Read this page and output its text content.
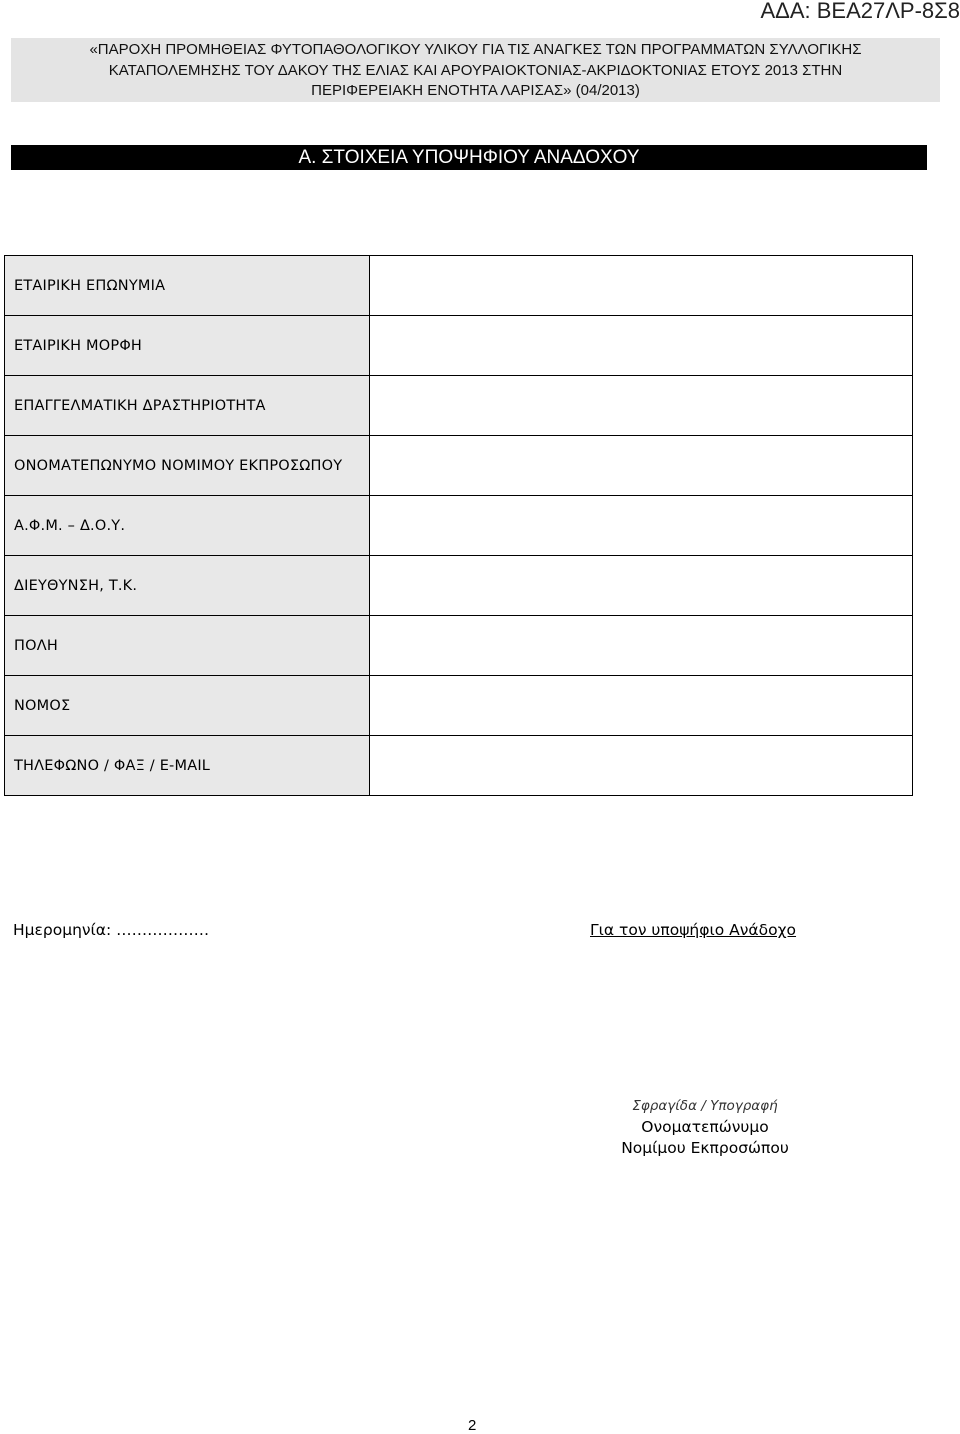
ΑΔΑ: ΒΕΑ27ΛΡ-8Σ8
«ΠΑΡΟΧΗ ΠΡΟΜΗΘΕΙΑΣ ΦΥΤΟΠΑΘΟΛΟΓΙΚΟΥ ΥΛΙΚΟΥ ΓΙΑ ΤΙΣ ΑΝΑΓΚΕΣ ΤΩΝ ΠΡΟΓΡΑΜΜΑΤΩΝ ΣΥΛΛΟΓΙΚΗΣ
ΚΑΤΑΠΟΛΕΜΗΣΗΣ ΤΟΥ ΔΑΚΟΥ ΤΗΣ ΕΛΙΑΣ ΚΑΙ ΑΡΟΥΡΑΙΟΚΤΟΝΙΑΣ-ΑΚΡΙΔΟΚΤΟΝΙΑΣ ΕΤΟΥΣ 2013 ΣΤΗΝ
ΠΕΡΙΦΕΡΕΙΑΚΗ ΕΝΟΤΗΤΑ ΛΑΡΙΣΑΣ» (04/2013)
Α. ΣΤΟΙΧΕΙΑ ΥΠΟΨΗΦΙΟΥ ΑΝΑΔΟΧΟΥ
ΕΤΑΙΡΙΚΗ ΕΠΩΝΥΜΙΑ	
ΕΤΑΙΡΙΚΗ ΜΟΡΦΗ	
ΕΠΑΓΓΕΛΜΑΤΙΚΗ ΔΡΑΣΤΗΡΙΟΤΗΤΑ	
ΟΝΟΜΑΤΕΠΩΝΥΜΟ ΝΟΜΙΜΟΥ ΕΚΠΡΟΣΩΠΟΥ	
Α.Φ.Μ. – Δ.Ο.Υ.	
ΔΙΕΥΘΥΝΣΗ, Τ.Κ.	
ΠΟΛΗ	
ΝΟΜΟΣ	
ΤΗΛΕΦΩΝΟ / ΦΑΞ / E-MAIL	
Ημερομηνία: ………………	Για τον υποψήφιο Ανάδοχο
Σφραγίδα / Υπογραφή
Ονοματεπώνυμο
Νομίμου Εκπροσώπου
2
